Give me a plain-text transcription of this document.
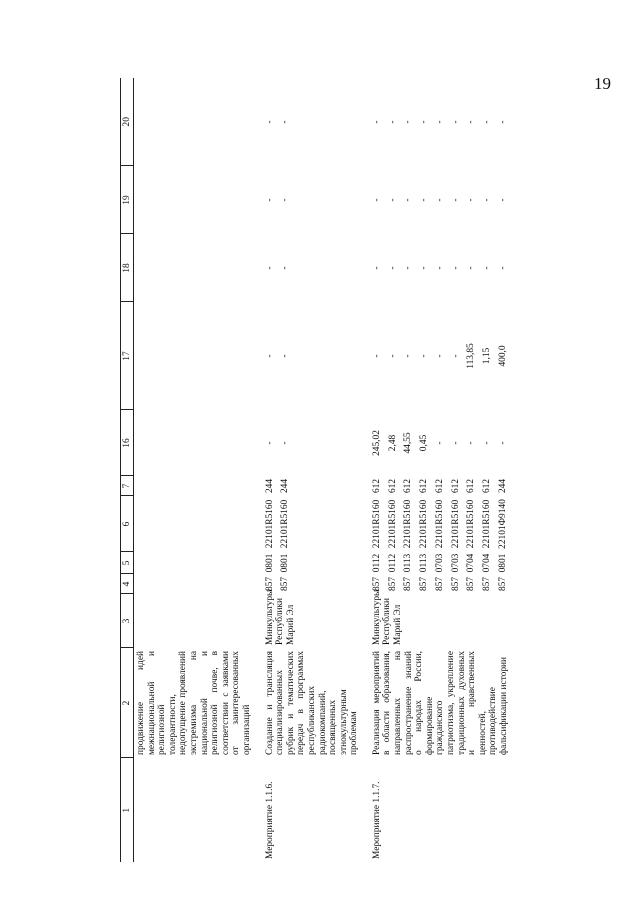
19
1	2	3	4	5	6	7	16	17	18	19	20
	продвижение идей межнациональной и религиозной толерантности, недопущение проявлений экстремизма на национальной и религиозной почве, в соответствии с заявками от заинтересованных организаций										

Мероприятие 1.1.6.	Создание и трансляция специализированных рубрик и тематических передач в программах республиканских радиокомпаний, посвященных этнокультурным проблемам	Минкультуры Республики Марий Эл	857	0801	22101R5160	244	-	-	-	-	-
			857	0801	22101R5160	244	-	-	-	-	-

Мероприятие 1.1.7.	Реализация мероприятий в области образования, направленных на распространение знаний о народах России, формирование гражданского патриотизма, укрепление традиционных духовных и нравственных ценностей, противодействие фальсификации истории	Минкультуры Республики Марий Эл	857	0112	22101R5160	612	245,02	-	-	-	-
			857	0112	22101R5160	612	2,48	-	-	-	-
			857	0113	22101R5160	612	44,55	-	-	-	-
			857	0113	22101R5160	612	0,45	-	-	-	-
			857	0703	22101R5160	612	-	-	-	-	-
			857	0703	22101R5160	612	-	-	-	-	-
			857	0704	22101R5160	612	-	113,85	-	-	-
			857	0704	22101R5160	612	-	1,15	-	-	-
			857	0801	22101Ф9140	244	-	400,0	-	-	-
